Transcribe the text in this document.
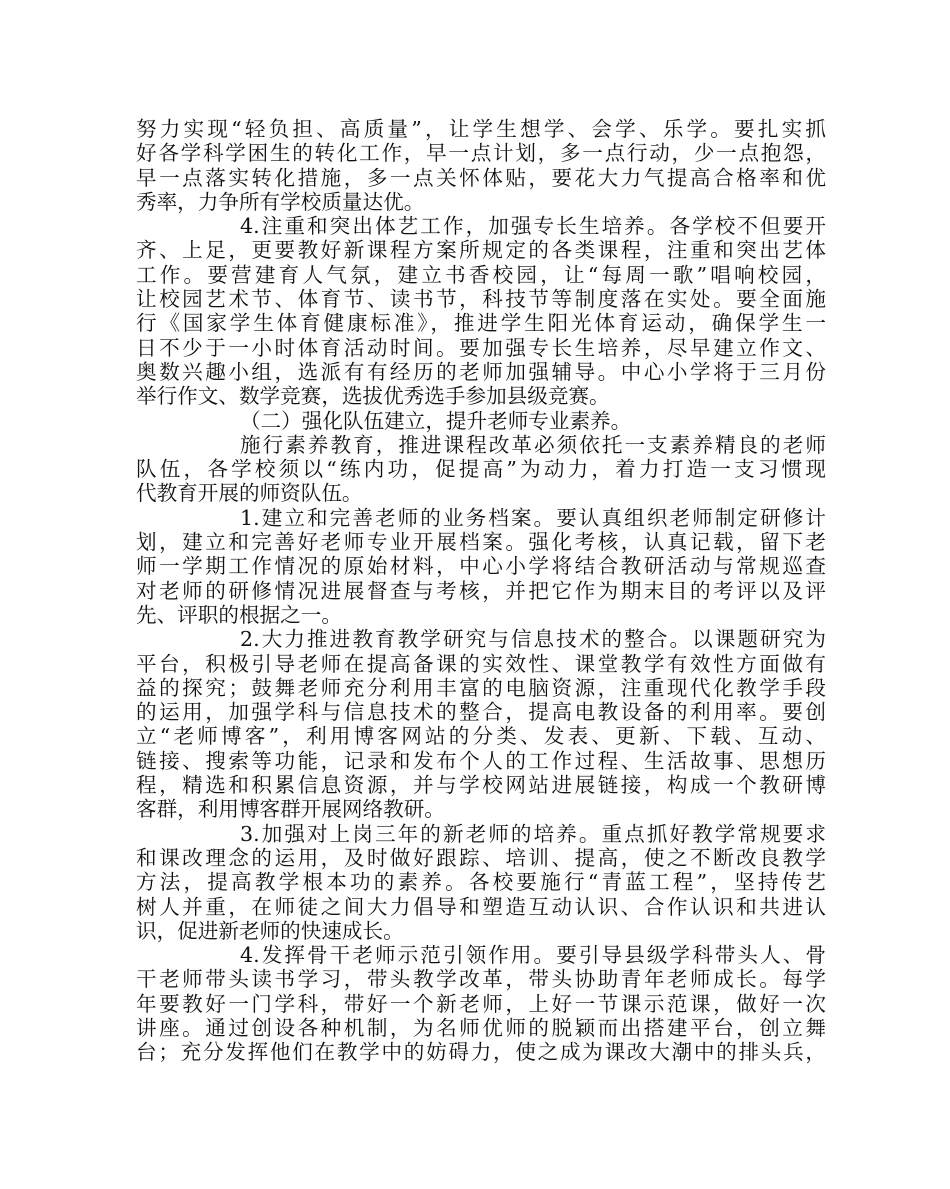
努力实现“轻负担、高质量”，让学生想学、会学、乐学。要扎实抓
好各学科学困生的转化工作，早一点计划，多一点行动，少一点抱怨，
早一点落实转化措施，多一点关怀体贴，要花大力气提高合格率和优
秀率，力争所有学校质量达优。
4.注重和突出体艺工作，加强专长生培养。各学校不但要开
齐、上足，更要教好新课程方案所规定的各类课程，注重和突出艺体
工作。要营建育人气氛，建立书香校园，让“每周一歌”唱响校园，
让校园艺术节、体育节、读书节，科技节等制度落在实处。要全面施
行《国家学生体育健康标准》，推进学生阳光体育运动，确保学生一
日不少于一小时体育活动时间。要加强专长生培养，尽早建立作文、
奥数兴趣小组，选派有有经历的老师加强辅导。中心小学将于三月份
举行作文、数学竞赛，选拔优秀选手参加县级竞赛。
（二）强化队伍建立，提升老师专业素养。
施行素养教育，推进课程改革必须依托一支素养精良的老师
队伍，各学校须以“练内功，促提高”为动力，着力打造一支习惯现
代教育开展的师资队伍。
1.建立和完善老师的业务档案。要认真组织老师制定研修计
划，建立和完善好老师专业开展档案。强化考核，认真记载，留下老
师一学期工作情况的原始材料，中心小学将结合教研活动与常规巡查
对老师的研修情况进展督查与考核，并把它作为期末目的考评以及评
先、评职的根据之一。
2.大力推进教育教学研究与信息技术的整合。以课题研究为
平台，积极引导老师在提高备课的实效性、课堂教学有效性方面做有
益的探究；鼓舞老师充分利用丰富的电脑资源，注重现代化教学手段
的运用，加强学科与信息技术的整合，提高电教设备的利用率。要创
立“老师博客”，利用博客网站的分类、发表、更新、下载、互动、
链接、搜索等功能，记录和发布个人的工作过程、生活故事、思想历
程，精选和积累信息资源，并与学校网站进展链接，构成一个教研博
客群，利用博客群开展网络教研。
3.加强对上岗三年的新老师的培养。重点抓好教学常规要求
和课改理念的运用，及时做好跟踪、培训、提高，使之不断改良教学
方法，提高教学根本功的素养。各校要施行“青蓝工程”，坚持传艺
树人并重，在师徒之间大力倡导和塑造互动认识、合作认识和共进认
识，促进新老师的快速成长。
4.发挥骨干老师示范引领作用。要引导县级学科带头人、骨
干老师带头读书学习，带头教学改革，带头协助青年老师成长。每学
年要教好一门学科，带好一个新老师，上好一节课示范课，做好一次
讲座。通过创设各种机制，为名师优师的脱颖而出搭建平台，创立舞
台；充分发挥他们在教学中的妨碍力，使之成为课改大潮中的排头兵，
